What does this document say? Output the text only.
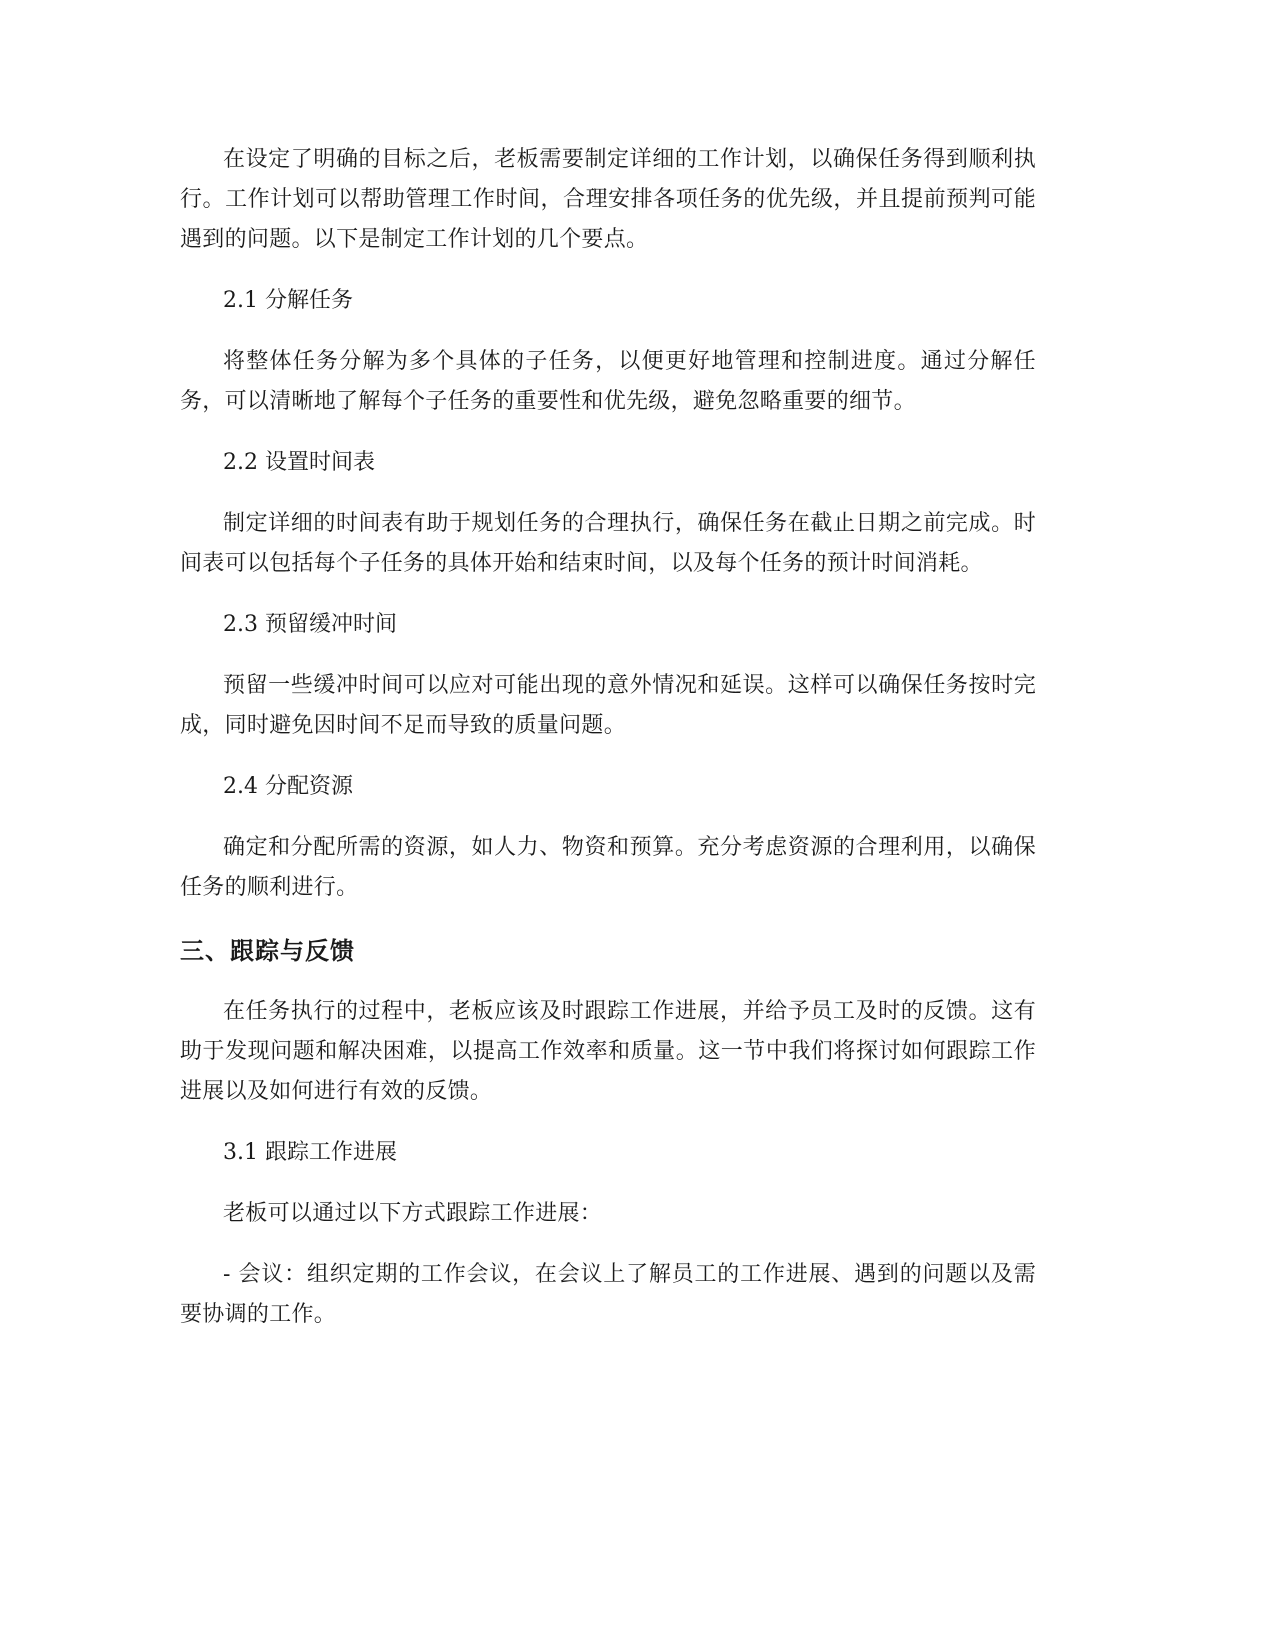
在设定了明确的目标之后，老板需要制定详细的工作计划，以确保任务得到顺利执行。工作计划可以帮助管理工作时间，合理安排各项任务的优先级，并且提前预判可能遇到的问题。以下是制定工作计划的几个要点。

2.1 分解任务

将整体任务分解为多个具体的子任务，以便更好地管理和控制进度。通过分解任务，可以清晰地了解每个子任务的重要性和优先级，避免忽略重要的细节。

2.2 设置时间表

制定详细的时间表有助于规划任务的合理执行，确保任务在截止日期之前完成。时间表可以包括每个子任务的具体开始和结束时间，以及每个任务的预计时间消耗。

2.3 预留缓冲时间

预留一些缓冲时间可以应对可能出现的意外情况和延误。这样可以确保任务按时完成，同时避免因时间不足而导致的质量问题。

2.4 分配资源

确定和分配所需的资源，如人力、物资和预算。充分考虑资源的合理利用，以确保任务的顺利进行。

三、跟踪与反馈

在任务执行的过程中，老板应该及时跟踪工作进展，并给予员工及时的反馈。这有助于发现问题和解决困难，以提高工作效率和质量。这一节中我们将探讨如何跟踪工作进展以及如何进行有效的反馈。

3.1 跟踪工作进展

老板可以通过以下方式跟踪工作进展：

- 会议：组织定期的工作会议，在会议上了解员工的工作进展、遇到的问题以及需要协调的工作。
